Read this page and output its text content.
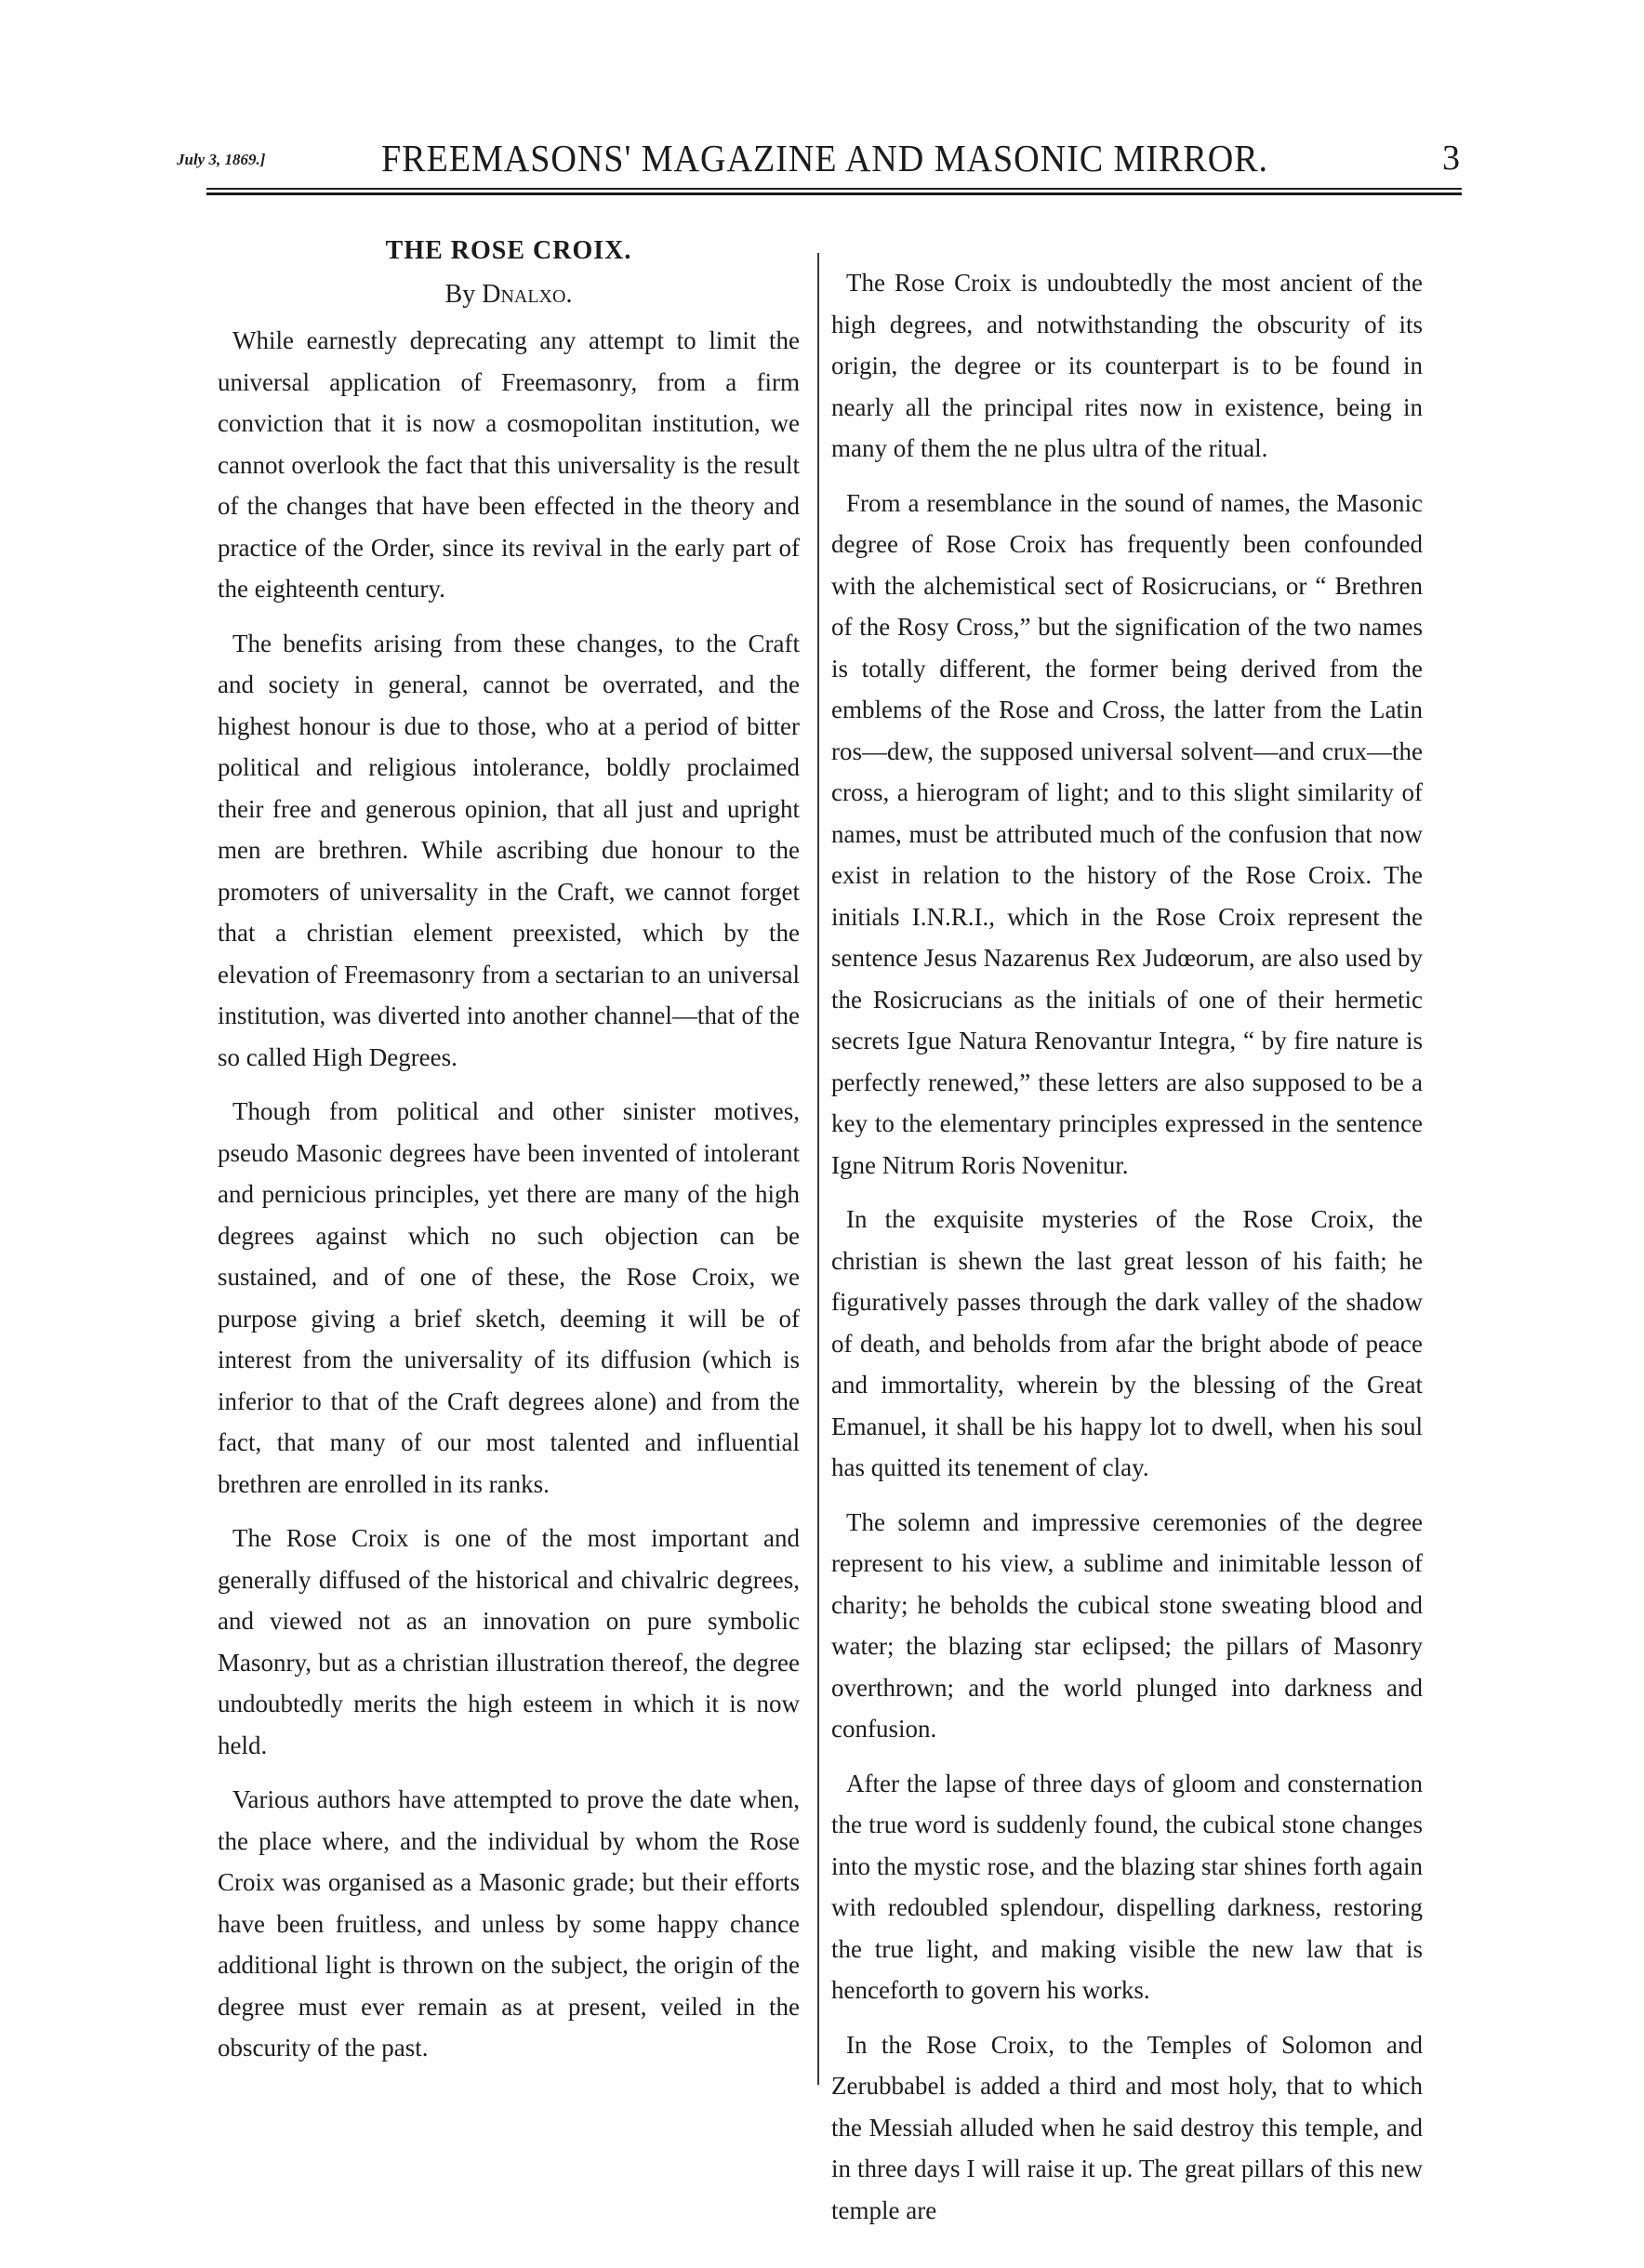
July 3, 1869.]	FREEMASONS' MAGAZINE AND MASONIC MIRROR.	3
THE ROSE CROIX.
By Dnalxo.

While earnestly deprecating any attempt to limit the universal application of Freemasonry, from a firm conviction that it is now a cosmopolitan institution, we cannot overlook the fact that this universality is the result of the changes that have been effected in the theory and practice of the Order, since its revival in the early part of the eighteenth century.

The benefits arising from these changes, to the Craft and society in general, cannot be overrated, and the highest honour is due to those, who at a period of bitter political and religious intolerance, boldly proclaimed their free and generous opinion, that all just and upright men are brethren. While ascribing due honour to the promoters of universality in the Craft, we cannot forget that a christian element preexisted, which by the elevation of Freemasonry from a sectarian to an universal institution, was diverted into another channel—that of the so called High Degrees.

Though from political and other sinister motives, pseudo Masonic degrees have been invented of intolerant and pernicious principles, yet there are many of the high degrees against which no such objection can be sustained, and of one of these, the Rose Croix, we purpose giving a brief sketch, deeming it will be of interest from the universality of its diffusion (which is inferior to that of the Craft degrees alone) and from the fact, that many of our most talented and influential brethren are enrolled in its ranks.

The Rose Croix is one of the most important and generally diffused of the historical and chivalric degrees, and viewed not as an innovation on pure symbolic Masonry, but as a christian illustration thereof, the degree undoubtedly merits the high esteem in which it is now held.

Various authors have attempted to prove the date when, the place where, and the individual by whom the Rose Croix was organised as a Masonic grade; but their efforts have been fruitless, and unless by some happy chance additional light is thrown on the subject, the origin of the degree must ever remain as at present, veiled in the obscurity of the past.

The Rose Croix is undoubtedly the most ancient of the high degrees, and notwithstanding the obscurity of its origin, the degree or its counterpart is to be found in nearly all the principal rites now in existence, being in many of them the ne plus ultra of the ritual.

From a resemblance in the sound of names, the Masonic degree of Rose Croix has frequently been confounded with the alchemistical sect of Rosicrucians, or “ Brethren of the Rosy Cross,” but the signification of the two names is totally different, the former being derived from the emblems of the Rose and Cross, the latter from the Latin ros—dew, the supposed universal solvent—and crux—the cross, a hierogram of light; and to this slight similarity of names, must be attributed much of the confusion that now exist in relation to the history of the Rose Croix. The initials I.N.R.I., which in the Rose Croix represent the sentence Jesus Nazarenus Rex Judœorum, are also used by the Rosicrucians as the initials of one of their hermetic secrets Igue Natura Renovantur Integra, “ by fire nature is perfectly renewed,” these letters are also supposed to be a key to the elementary principles expressed in the sentence Igne Nitrum Roris Novenitur.

In the exquisite mysteries of the Rose Croix, the christian is shewn the last great lesson of his faith; he figuratively passes through the dark valley of the shadow of death, and beholds from afar the bright abode of peace and immortality, wherein by the blessing of the Great Emanuel, it shall be his happy lot to dwell, when his soul has quitted its tenement of clay.

The solemn and impressive ceremonies of the degree represent to his view, a sublime and inimitable lesson of charity; he beholds the cubical stone sweating blood and water; the blazing star eclipsed; the pillars of Masonry overthrown; and the world plunged into darkness and confusion.

After the lapse of three days of gloom and consternation the true word is suddenly found, the cubical stone changes into the mystic rose, and the blazing star shines forth again with redoubled splendour, dispelling darkness, restoring the true light, and making visible the new law that is henceforth to govern his works.

In the Rose Croix, to the Temples of Solomon and Zerubbabel is added a third and most holy, that to which the Messiah alluded when he said destroy this temple, and in three days I will raise it up. The great pillars of this new temple are
